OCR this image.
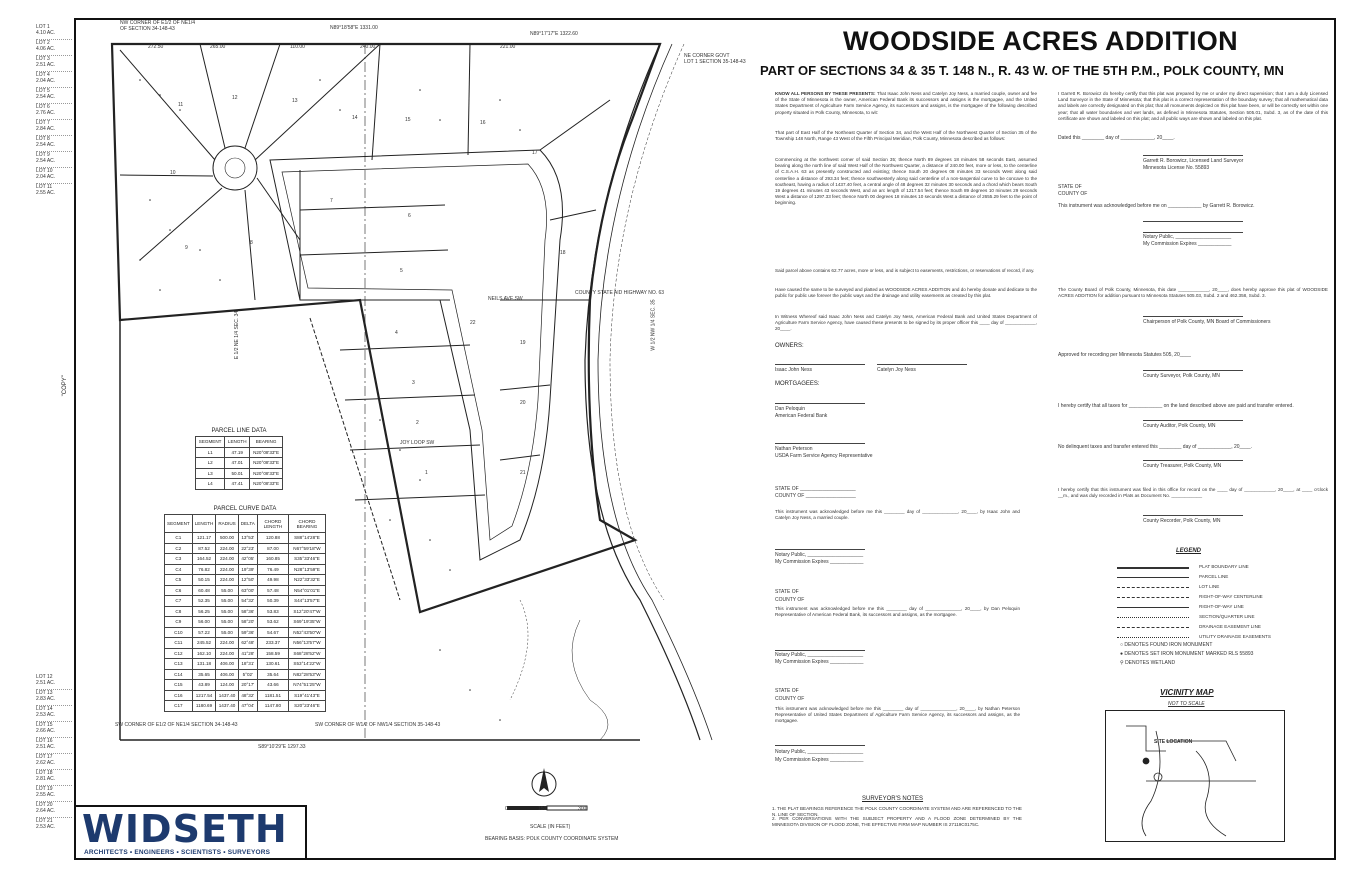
LOT 1
4.10 AC.
LOT 2
4.06 AC.
LOT 3
2.51 AC.
LOT 4
2.04 AC.
LOT 5
2.54 AC.
LOT 6
2.76 AC.
LOT 7
2.84 AC.
LOT 8
2.54 AC.
LOT 9
2.54 AC.
LOT 10
2.04 AC.
LOT 11
2.55 AC.
LOT 12
2.51 AC.
LOT 13
2.83 AC.
LOT 14
2.53 AC.
LOT 15
2.66 AC.
LOT 16
2.51 AC.
LOT 17
2.62 AC.
LOT 18
2.81 AC.
LOT 19
2.55 AC.
LOT 20
2.64 AC.
LOT 21
2.53 AC.
NW CORNER OF E1/2 OF NE1/4
OF SECTION 34-148-43	N89°18'58"E 1331.00
N89°17'17"E 1322.60
NE CORNER GOVT
LOT 1 SECTION 35-148-43
272.50	265.00	110.00	240.00	221.00
11
12	13
14	15	16
17
10
9
8
7
6
5
4
3
2
1
18
19
20
21
22
E 1/2 NE 1/4 SEC. 34	W 1/2 NW 1/4 SEC. 35
NEILS AVE SW
COUNTY STATE AID HIGHWAY NO. 63
JOY LOOP SW
"COPY"
SW CORNER OF E1/2 OF NE1/4 SECTION 34-148-43	SW CORNER OF W1/2 OF NW1/4 SECTION 35-148-43
S89°10'29"E 1297.33
PARCEL LINE DATA
SEGMENT	LENGTH	BEARING
L1	47.19	N20°08'33"E
L2	47.01	N20°08'33"E
L3	50.01	N20°08'33"E
L4	47.41	N20°08'33"E
PARCEL CURVE DATA
SEGMENT	LENGTH	RADIUS	DELTA	CHORD LENGTH	CHORD BEARING
C1	121.17	500.00	13°53'	120.88	S88°14'28"E
C2	87.52	224.00	22°23'	87.00	N67°59'18"W
C3	164.52	224.00	42°05'	160.85	S35°33'46"E
C4	76.82	224.00	19°39'	76.49	N28°13'59"E
C5	50.15	224.00	12°50'	49.98	N22°33'32"E
C6	60.48	55.00	63°00'	57.48	N54°01'01"E
C7	52.35	55.00	54°32'	50.39	S44°13'57"E
C8	56.25	55.00	58°36'	53.83	S12°20'47"W
C9	56.00	55.00	58°20'	53.62	S69°19'35"W
C10	57.22	55.00	59°36'	54.67	N52°43'50"W
C11	245.52	224.00	62°48'	233.37	N56°13'57"W
C12	162.10	224.00	41°28'	158.59	S68°28'52"W
C13	131.18	406.00	18°31'	130.61	S53°14'22"W
C14	35.65	406.00	5°02'	35.64	N82°28'53"W
C15	43.89	124.00	20°17'	43.66	N74°51'25"W
C16	1217.54	1437.40	48°32'	1181.51	S19°41'43"E
C17	1180.69	1437.40	47°04'	1147.80	S20°23'46"E
0	150	300
SCALE (IN FEET)
BEARING BASIS: POLK COUNTY COORDINATE SYSTEM
WIDSETH
ARCHITECTS • ENGINEERS • SCIENTISTS • SURVEYORS
WOODSIDE ACRES ADDITION
PART OF SECTIONS 34 & 35 T. 148 N., R. 43 W. OF THE 5TH P.M., POLK COUNTY, MN
KNOW ALL PERSONS BY THESE PRESENTS: That Isaac John Ness and Catelyn Joy Ness, a married couple, owner and fee of the State of Minnesota is the owner, American Federal Bank its successors and assigns is the mortgagee, and the United States Department of Agriculture Farm Service Agency, its successors and assigns, is the mortgagee of the following described property situated in Polk County, Minnesota, to wit:
That part of East Half of the Northeast Quarter of Section 34, and the West Half of the Northwest Quarter of Section 35 of the Township 148 North, Range 43 West of the Fifth Principal Meridian, Polk County, Minnesota described as follows:
Commencing at the northwest corner of said Section 35; thence North 89 degrees 18 minutes 58 seconds East, assumed bearing along the north line of said West Half of the Northwest Quarter, a distance of 240.00 feet, more or less, to the centerline of C.S.A.H. 63 as presently constructed and existing; thence South 20 degrees 08 minutes 33 seconds West along said centerline a distance of 293.34 feet; thence southwesterly along said centerline of a non-tangential curve to be concave to the southeast, having a radius of 1437.40 feet, a central angle of 48 degrees 32 minutes 30 seconds and a chord which bears South 19 degrees 41 minutes 43 seconds West, and an arc length of 1217.54 feet; thence South 89 degrees 10 minutes 29 seconds West a distance of 1297.33 feet; thence North 00 degrees 18 minutes 10 seconds West a distance of 2655.29 feet to the point of beginning.
Said parcel above contains 62.77 acres, more or less, and is subject to easements, restrictions, or reservations of record, if any.
Have caused the same to be surveyed and platted as WOODSIDE ACRES ADDITION and do hereby donate and dedicate to the public for public use forever the public ways and the drainage and utility easements as created by this plat.
In Witness Whereof said Isaac John Ness and Catelyn Joy Ness, American Federal Bank and United States Department of Agriculture Farm Service Agency, have caused these presents to be signed by its proper officer this ____ day of ____________, 20____.
OWNERS:
Isaac John Ness	Catelyn Joy Ness
MORTGAGEES:
Dan Peloquin
American Federal Bank
Nathan Peterson
USDA Farm Service Agency Representative
STATE OF ____________________
COUNTY OF __________________
This instrument was acknowledged before me this ________ day of ______________, 20____, by Isaac John and Catelyn Joy Ness, a married couple.
Notary Public, ____________________
My Commission Expires ____________
STATE OF
COUNTY OF
This instrument was acknowledged before me this ________ day of ______________, 20____, by Dan Peloquin Representative of American Federal Bank, its successors and assigns, as the mortgagee.
Notary Public, ____________________
My Commission Expires ____________
STATE OF
COUNTY OF
This instrument was acknowledged before me this ________ day of ______________, 20____, by Nathan Peterson Representative of United States Department of Agriculture Farm Service Agency, its successors and assigns, as the mortgagee.
Notary Public, ____________________
My Commission Expires ____________
SURVEYOR'S NOTES
1. THE PLAT BEARINGS REFERENCE THE POLK COUNTY COORDINATE SYSTEM AND ARE REFERENCED TO THE N. LINE OF SECTION.
2. PER CONVERSATIONS WITH THE SUBJECT PROPERTY AND A FLOOD ZONE DETERMINED BY THE MINNESOTA DIVISION OF FLOOD ZONE, THE EFFECTIVE FIRM MAP NUMBER IS 27119C0175C.
I Garrett R. Borowicz do hereby certify that this plat was prepared by me or under my direct supervision; that I am a duly Licensed Land Surveyor in the State of Minnesota; that this plat is a correct representation of the boundary survey; that all mathematical data and labels are correctly designated on this plat; that all monuments depicted on this plat have been, or will be correctly set within one year; that all water boundaries and wet lands, as defined in Minnesota Statutes, Section 505.01, Subd. 3, as of the date of this certificate are shown and labeled on this plat; and all public ways are shown and labeled on this plat.
Dated this ________ day of ____________, 20____.
Garrett R. Borowicz, Licensed Land Surveyor
Minnesota License No. 55893
STATE OF
COUNTY OF
This instrument was acknowledged before me on ____________ by Garrett R. Borowicz.
Notary Public, ____________________
My Commission Expires ____________
The County Board of Polk County, Minnesota, this date ____________, 20____, does hereby approve this plat of WOODSIDE ACRES ADDITION for addition pursuant to Minnesota Statutes 505.03, Subd. 2 and 462.358, Subd. 3.
Chairperson of Polk County, MN Board of Commissioners
Approved for recording per Minnesota Statutes 505, 20____
County Surveyor, Polk County, MN
I hereby certify that all taxes for ____________ on the land described above are paid and transfer entered.
County Auditor, Polk County, MN
No delinquent taxes and transfer entered this ________ day of ____________, 20____.
County Treasurer, Polk County, MN
I hereby certify that this instrument was filed in this office for record on the ____ day of ____________, 20____, at ____ o'clock __m., and was duly recorded in Plats as Document No. ____________
County Recorder, Polk County, MN
LEGEND
PLAT BOUNDARY LINE
PARCEL LINE
LOT LINE
RIGHT-OF-WAY CENTERLINE
RIGHT-OF-WAY LINE
SECTION/QUARTER LINE
DRAINAGE EASEMENT LINE
UTILITY DRAINAGE EASEMENTS
○ DENOTES FOUND IRON MONUMENT
● DENOTES SET IRON MONUMENT MARKED RLS 55893
⚲ DENOTES WETLAND
VICINITY MAP
NOT TO SCALE
SITE LOCATION
